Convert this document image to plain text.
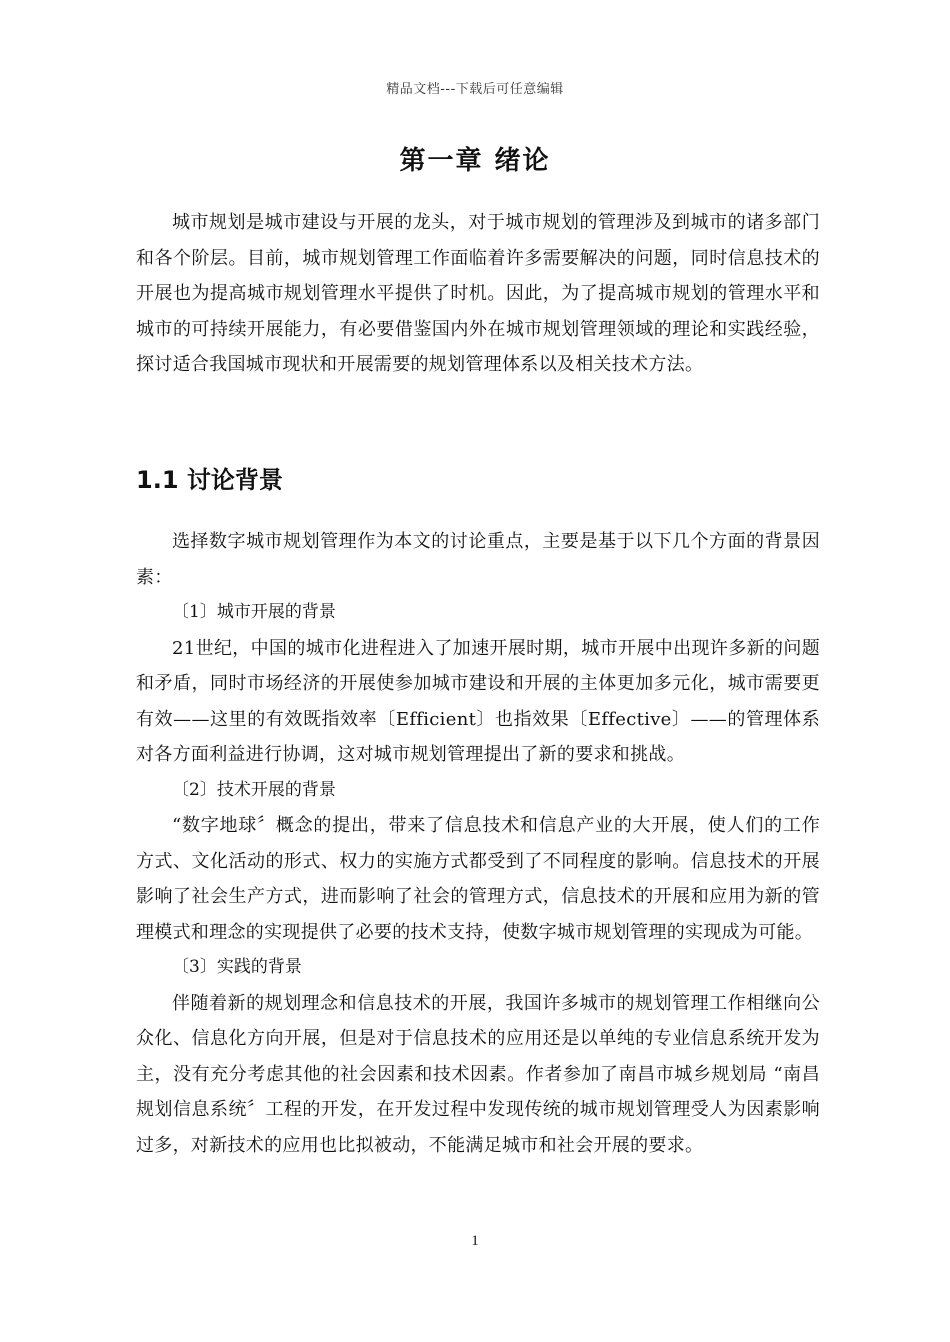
精品文档---下载后可任意编辑
第一章 绪论

城市规划是城市建设与开展的龙头，对于城市规划的管理涉及到城市的诸多部门和各个阶层。目前，城市规划管理工作面临着许多需要解决的问题，同时信息技术的开展也为提高城市规划管理水平提供了时机。因此，为了提高城市规划的管理水平和城市的可持续开展能力，有必要借鉴国内外在城市规划管理领域的理论和实践经验，探讨适合我国城市现状和开展需要的规划管理体系以及相关技术方法。

1.1 讨论背景

选择数字城市规划管理作为本文的讨论重点，主要是基于以下几个方面的背景因素：

〔1〕城市开展的背景

21世纪，中国的城市化进程进入了加速开展时期，城市开展中出现许多新的问题和矛盾，同时市场经济的开展使参加城市建设和开展的主体更加多元化，城市需要更有效——这里的有效既指效率〔Efficient〕也指效果〔Effective〕——的管理体系对各方面利益进行协调，这对城市规划管理提出了新的要求和挑战。

〔2〕技术开展的背景

“数字地球〞概念的提出，带来了信息技术和信息产业的大开展，使人们的工作方式、文化活动的形式、权力的实施方式都受到了不同程度的影响。信息技术的开展影响了社会生产方式，进而影响了社会的管理方式，信息技术的开展和应用为新的管理模式和理念的实现提供了必要的技术支持，使数字城市规划管理的实现成为可能。

〔3〕实践的背景

伴随着新的规划理念和信息技术的开展，我国许多城市的规划管理工作相继向公众化、信息化方向开展，但是对于信息技术的应用还是以单纯的专业信息系统开发为主，没有充分考虑其他的社会因素和技术因素。作者参加了南昌市城乡规划局 “南昌规划信息系统〞工程的开发，在开发过程中发现传统的城市规划管理受人为因素影响过多，对新技术的应用也比拟被动，不能满足城市和社会开展的要求。

1
